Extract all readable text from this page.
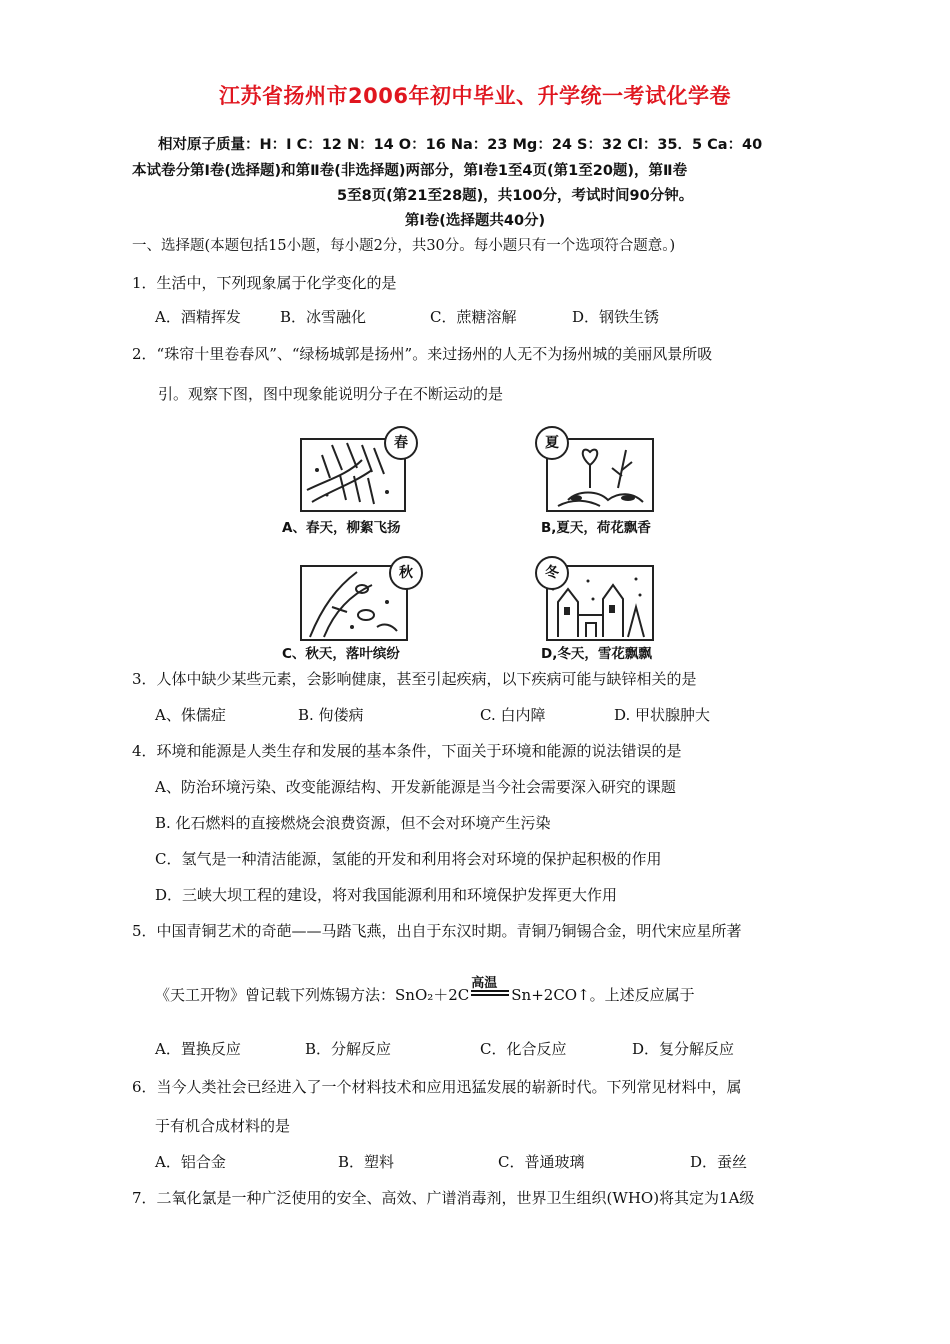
江苏省扬州市2006年初中毕业、升学统一考试化学卷
相对原子质量：H：I C：12 N：14 O：16 Na：23 Mg：24 S：32 Cl：35．5 Ca：40
本试卷分第Ⅰ卷(选择题)和第Ⅱ卷(非选择题)两部分，第Ⅰ卷1至4页(第1至20题)，第Ⅱ卷
5至8页(第21至28题)，共100分，考试时间90分钟。
第Ⅰ卷(选择题共40分)
一、选择题(本题包括15小题，每小题2分，共30分。每小题只有一个选项符合题意。)
1．生活中，下列现象属于化学变化的是
A．酒精挥发	B．冰雪融化	C．蔗糖溶解	D．钢铁生锈
2．“珠帘十里卷春风”、“绿杨城郭是扬州”。来过扬州的人无不为扬州城的美丽风景所吸
引。观察下图，图中现象能说明分子在不断运动的是
春
A、春天，柳絮飞扬
夏
B,夏天，荷花飘香
秋
C、秋天，落叶缤纷
冬
D,冬天，雪花飘飘
3．人体中缺少某些元素，会影响健康，甚至引起疾病，以下疾病可能与缺锌相关的是
A、侏儒症	B. 佝偻病	C. 白内障	D. 甲状腺肿大
4．环境和能源是人类生存和发展的基本条件，下面关于环境和能源的说法错误的是
A、防治环境污染、改变能源结构、开发新能源是当今社会需要深入研究的课题
B. 化石燃料的直接燃烧会浪费资源，但不会对环境产生污染
C．氢气是一种清洁能源，氢能的开发和利用将会对环境的保护起积极的作用
D．三峡大坝工程的建设，将对我国能源利用和环境保护发挥更大作用
5．中国青铜艺术的奇葩——马踏飞燕，出自于东汉时期。青铜乃铜锡合金，明代宋应星所著
《天工开物》曾记载下列炼锡方法：SnO₂＋2C
高温
Sn+2CO↑。上述反应属于
A．置换反应	B．分解反应	C．化合反应	D．复分解反应
6．当今人类社会已经进入了一个材料技术和应用迅猛发展的崭新时代。下列常见材料中，属
于有机合成材料的是
A．铝合金	B．塑料	C．普通玻璃	D．蚕丝
7．二氧化氯是一种广泛使用的安全、高效、广谱消毒剂，世界卫生组织(WHO)将其定为1A级
